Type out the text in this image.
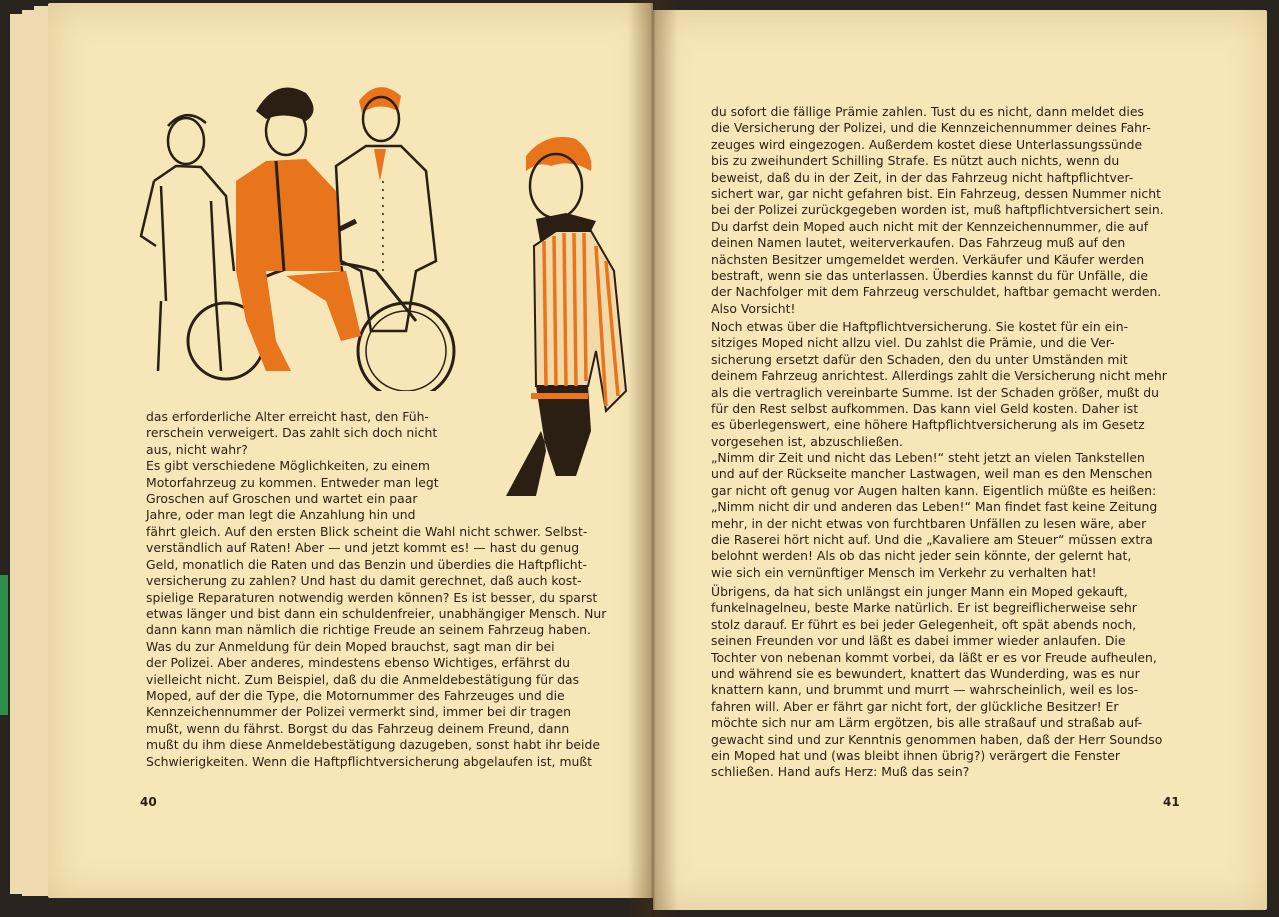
das erforderliche Alter erreicht hast, den Füh-
rerschein verweigert. Das zahlt sich doch nicht
aus, nicht wahr?
Es gibt verschiedene Möglichkeiten, zu einem
Motorfahrzeug zu kommen. Entweder man legt
Groschen auf Groschen und wartet ein paar
Jahre, oder man legt die Anzahlung hin und
fährt gleich. Auf den ersten Blick scheint die Wahl nicht schwer. Selbst-
verständlich auf Raten! Aber — und jetzt kommt es! — hast du genug
Geld, monatlich die Raten und das Benzin und überdies die Haftpflicht-
versicherung zu zahlen? Und hast du damit gerechnet, daß auch kost-
spielige Reparaturen notwendig werden können? Es ist besser, du sparst
etwas länger und bist dann ein schuldenfreier, unabhängiger Mensch. Nur
dann kann man nämlich die richtige Freude an seinem Fahrzeug haben.
Was du zur Anmeldung für dein Moped brauchst, sagt man dir bei
der Polizei. Aber anderes, mindestens ebenso Wichtiges, erfährst du
vielleicht nicht. Zum Beispiel, daß du die Anmeldebestätigung für das
Moped, auf der die Type, die Motornummer des Fahrzeuges und die
Kennzeichennummer der Polizei vermerkt sind, immer bei dir tragen
mußt, wenn du fährst. Borgst du das Fahrzeug deinem Freund, dann
mußt du ihm diese Anmeldebestätigung dazugeben, sonst habt ihr beide
Schwierigkeiten. Wenn die Haftpflichtversicherung abgelaufen ist, mußt
40
du sofort die fällige Prämie zahlen. Tust du es nicht, dann meldet dies
die Versicherung der Polizei, und die Kennzeichennummer deines Fahr-
zeuges wird eingezogen. Außerdem kostet diese Unterlassungssünde
bis zu zweihundert Schilling Strafe. Es nützt auch nichts, wenn du
beweist, daß du in der Zeit, in der das Fahrzeug nicht haftpflichtver-
sichert war, gar nicht gefahren bist. Ein Fahrzeug, dessen Nummer nicht
bei der Polizei zurückgegeben worden ist, muß haftpflichtversichert sein.
Du darfst dein Moped auch nicht mit der Kennzeichennummer, die auf
deinen Namen lautet, weiterverkaufen. Das Fahrzeug muß auf den
nächsten Besitzer umgemeldet werden. Verkäufer und Käufer werden
bestraft, wenn sie das unterlassen. Überdies kannst du für Unfälle, die
der Nachfolger mit dem Fahrzeug verschuldet, haftbar gemacht werden.
Also Vorsicht!
Noch etwas über die Haftpflichtversicherung. Sie kostet für ein ein-
sitziges Moped nicht allzu viel. Du zahlst die Prämie, und die Ver-
sicherung ersetzt dafür den Schaden, den du unter Umständen mit
deinem Fahrzeug anrichtest. Allerdings zahlt die Versicherung nicht mehr
als die vertraglich vereinbarte Summe. Ist der Schaden größer, mußt du
für den Rest selbst aufkommen. Das kann viel Geld kosten. Daher ist
es überlegenswert, eine höhere Haftpflichtversicherung als im Gesetz
vorgesehen ist, abzuschließen.
„Nimm dir Zeit und nicht das Leben!“ steht jetzt an vielen Tankstellen
und auf der Rückseite mancher Lastwagen, weil man es den Menschen
gar nicht oft genug vor Augen halten kann. Eigentlich müßte es heißen:
„Nimm nicht dir und anderen das Leben!“ Man findet fast keine Zeitung
mehr, in der nicht etwas von furchtbaren Unfällen zu lesen wäre, aber
die Raserei hört nicht auf. Und die „Kavaliere am Steuer“ müssen extra
belohnt werden! Als ob das nicht jeder sein könnte, der gelernt hat,
wie sich ein vernünftiger Mensch im Verkehr zu verhalten hat!
Übrigens, da hat sich unlängst ein junger Mann ein Moped gekauft,
funkelnagelneu, beste Marke natürlich. Er ist begreiflicherweise sehr
stolz darauf. Er führt es bei jeder Gelegenheit, oft spät abends noch,
seinen Freunden vor und läßt es dabei immer wieder anlaufen. Die
Tochter von nebenan kommt vorbei, da läßt er es vor Freude aufheulen,
und während sie es bewundert, knattert das Wunderding, was es nur
knattern kann, und brummt und murrt — wahrscheinlich, weil es los-
fahren will. Aber er fährt gar nicht fort, der glückliche Besitzer! Er
möchte sich nur am Lärm ergötzen, bis alle straßauf und straßab auf-
gewacht sind und zur Kenntnis genommen haben, daß der Herr Soundso
ein Moped hat und (was bleibt ihnen übrig?) verärgert die Fenster
schließen. Hand aufs Herz: Muß das sein?
41
